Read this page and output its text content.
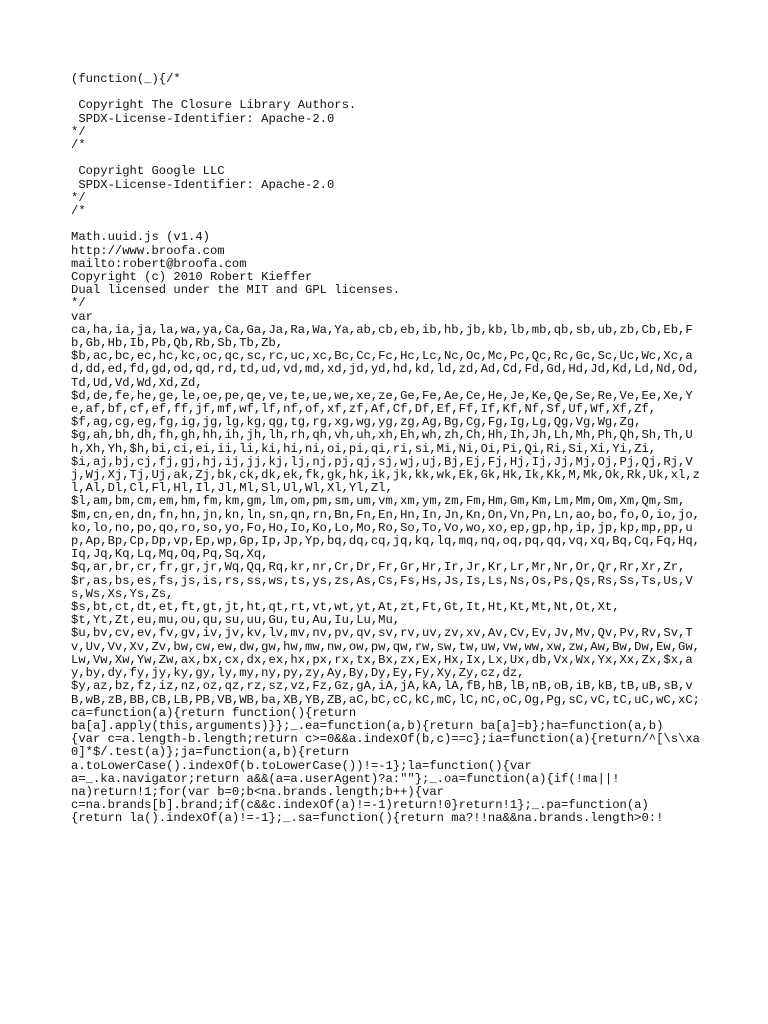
(function(_){/*
Copyright The Closure Library Authors.
SPDX-License-Identifier: Apache-2.0
*/
/*
Copyright Google LLC
SPDX-License-Identifier: Apache-2.0
*/
/*
Math.uuid.js (v1.4)
http://www.broofa.com
mailto:robert@broofa.com
Copyright (c) 2010 Robert Kieffer
Dual licensed under the MIT and GPL licenses.
*/
var
ca,ha,ia,ja,la,wa,ya,Ca,Ga,Ja,Ra,Wa,Ya,ab,cb,eb,ib,hb,jb,kb,lb,mb,qb,sb,ub,zb,Cb,Eb,Fb,Gb,Hb,Ib,Pb,Qb,Rb,Sb,Tb,Zb,
$b,ac,bc,ec,hc,kc,oc,qc,sc,rc,uc,xc,Bc,Cc,Fc,Hc,Lc,Nc,Oc,Mc,Pc,Qc,Rc,Gc,Sc,Uc,Wc,Xc,ad,dd,ed,fd,gd,od,qd,rd,td,ud,vd,md,xd,jd,yd,hd,kd,ld,zd,Ad,Cd,Fd,Gd,Hd,Jd,Kd,Ld,Nd,Od,Td,Ud,Vd,Wd,Xd,Zd,
$d,de,fe,he,ge,le,oe,pe,qe,ve,te,ue,we,xe,ze,Ge,Fe,Ae,Ce,He,Je,Ke,Qe,Se,Re,Ve,Ee,Xe,Ye,af,bf,cf,ef,ff,jf,mf,wf,lf,nf,of,xf,zf,Af,Cf,Df,Ef,Ff,If,Kf,Nf,Sf,Uf,Wf,Xf,Zf,
$f,ag,cg,eg,fg,ig,jg,lg,kg,qg,tg,rg,xg,wg,yg,zg,Ag,Bg,Cg,Fg,Ig,Lg,Qg,Vg,Wg,Zg,
$g,ah,bh,dh,fh,gh,hh,ih,jh,lh,rh,qh,vh,uh,xh,Eh,wh,zh,Ch,Hh,Ih,Jh,Lh,Mh,Ph,Qh,Sh,Th,Uh,Xh,Yh,$h,bi,ci,ei,ii,li,ki,hi,ni,oi,pi,qi,ri,si,Mi,Ni,Oi,Pi,Qi,Ri,Si,Xi,Yi,Zi,
$i,aj,bj,cj,fj,gj,hj,ij,jj,kj,lj,nj,pj,qj,sj,wj,uj,Bj,Ej,Fj,Hj,Ij,Jj,Mj,Oj,Pj,Qj,Rj,Vj,Wj,Xj,Tj,Uj,ak,Zj,bk,ck,dk,ek,fk,gk,hk,ik,jk,kk,wk,Ek,Gk,Hk,Ik,Kk,M,Mk,Ok,Rk,Uk,xl,zl,Al,Dl,Cl,Fl,Hl,Il,Jl,Ml,Sl,Ul,Wl,Xl,Yl,Zl,
$l,am,bm,cm,em,hm,fm,km,gm,lm,om,pm,sm,um,vm,xm,ym,zm,Fm,Hm,Gm,Km,Lm,Mm,Om,Xm,Qm,Sm,
$m,cn,en,dn,fn,hn,jn,kn,ln,sn,qn,rn,Bn,Fn,En,Hn,In,Jn,Kn,On,Vn,Pn,Ln,ao,bo,fo,O,io,jo,ko,lo,no,po,qo,ro,so,yo,Fo,Ho,Io,Ko,Lo,Mo,Ro,So,To,Vo,wo,xo,ep,gp,hp,ip,jp,kp,mp,pp,up,Ap,Bp,Cp,Dp,vp,Ep,wp,Gp,Ip,Jp,Yp,bq,dq,cq,jq,kq,lq,mq,nq,oq,pq,qq,vq,xq,Bq,Cq,Fq,Hq,Iq,Jq,Kq,Lq,Mq,Oq,Pq,Sq,Xq,
$q,ar,br,cr,fr,gr,jr,Wq,Qq,Rq,kr,nr,Cr,Dr,Fr,Gr,Hr,Ir,Jr,Kr,Lr,Mr,Nr,Or,Qr,Rr,Xr,Zr,
$r,as,bs,es,fs,js,is,rs,ss,ws,ts,ys,zs,As,Cs,Fs,Hs,Js,Is,Ls,Ns,Os,Ps,Qs,Rs,Ss,Ts,Us,Vs,Ws,Xs,Ys,Zs,
$s,bt,ct,dt,et,ft,gt,jt,ht,qt,rt,vt,wt,yt,At,zt,Ft,Gt,It,Ht,Kt,Mt,Nt,Ot,Xt,
$t,Yt,Zt,eu,mu,ou,qu,su,uu,Gu,tu,Au,Iu,Lu,Mu,
$u,bv,cv,ev,fv,gv,iv,jv,kv,lv,mv,nv,pv,qv,sv,rv,uv,zv,xv,Av,Cv,Ev,Jv,Mv,Qv,Pv,Rv,Sv,Tv,Uv,Vv,Xv,Zv,bw,cw,ew,dw,gw,hw,mw,nw,ow,pw,qw,rw,sw,tw,uw,vw,ww,xw,zw,Aw,Bw,Dw,Ew,Gw,Lw,Vw,Xw,Yw,Zw,ax,bx,cx,dx,ex,hx,px,rx,tx,Bx,zx,Ex,Hx,Ix,Lx,Ux,db,Vx,Wx,Yx,Xx,Zx,$x,ay,by,dy,fy,jy,ky,gy,ly,my,ny,py,zy,Ay,By,Dy,Ey,Fy,Xy,Zy,cz,dz,
$y,az,bz,fz,iz,nz,oz,qz,rz,sz,vz,Fz,Gz,gA,iA,jA,kA,lA,fB,hB,lB,nB,oB,iB,kB,tB,uB,sB,vB,wB,zB,BB,CB,LB,PB,VB,WB,ba,XB,YB,ZB,aC,bC,cC,kC,mC,lC,nC,oC,Og,Pg,sC,vC,tC,uC,wC,xC;ca=function(a){return function(){return
ba[a].apply(this,arguments)}};_.ea=function(a,b){return ba[a]=b};ha=function(a,b)
{var c=a.length-b.length;return c>=0&&a.indexOf(b,c)==c};ia=function(a){return/^[\s\xa0]*$/.test(a)};ja=function(a,b){return
a.toLowerCase().indexOf(b.toLowerCase())!=-1};la=function(){var
a=_.ka.navigator;return a&&(a=a.userAgent)?a:""};_.oa=function(a){if(!ma||!
na)return!1;for(var b=0;b<na.brands.length;b++){var
c=na.brands[b].brand;if(c&&c.indexOf(a)!=-1)return!0}return!1};_.pa=function(a)
{return la().indexOf(a)!=-1};_.sa=function(){return ma?!!na&&na.brands.length>0:!
